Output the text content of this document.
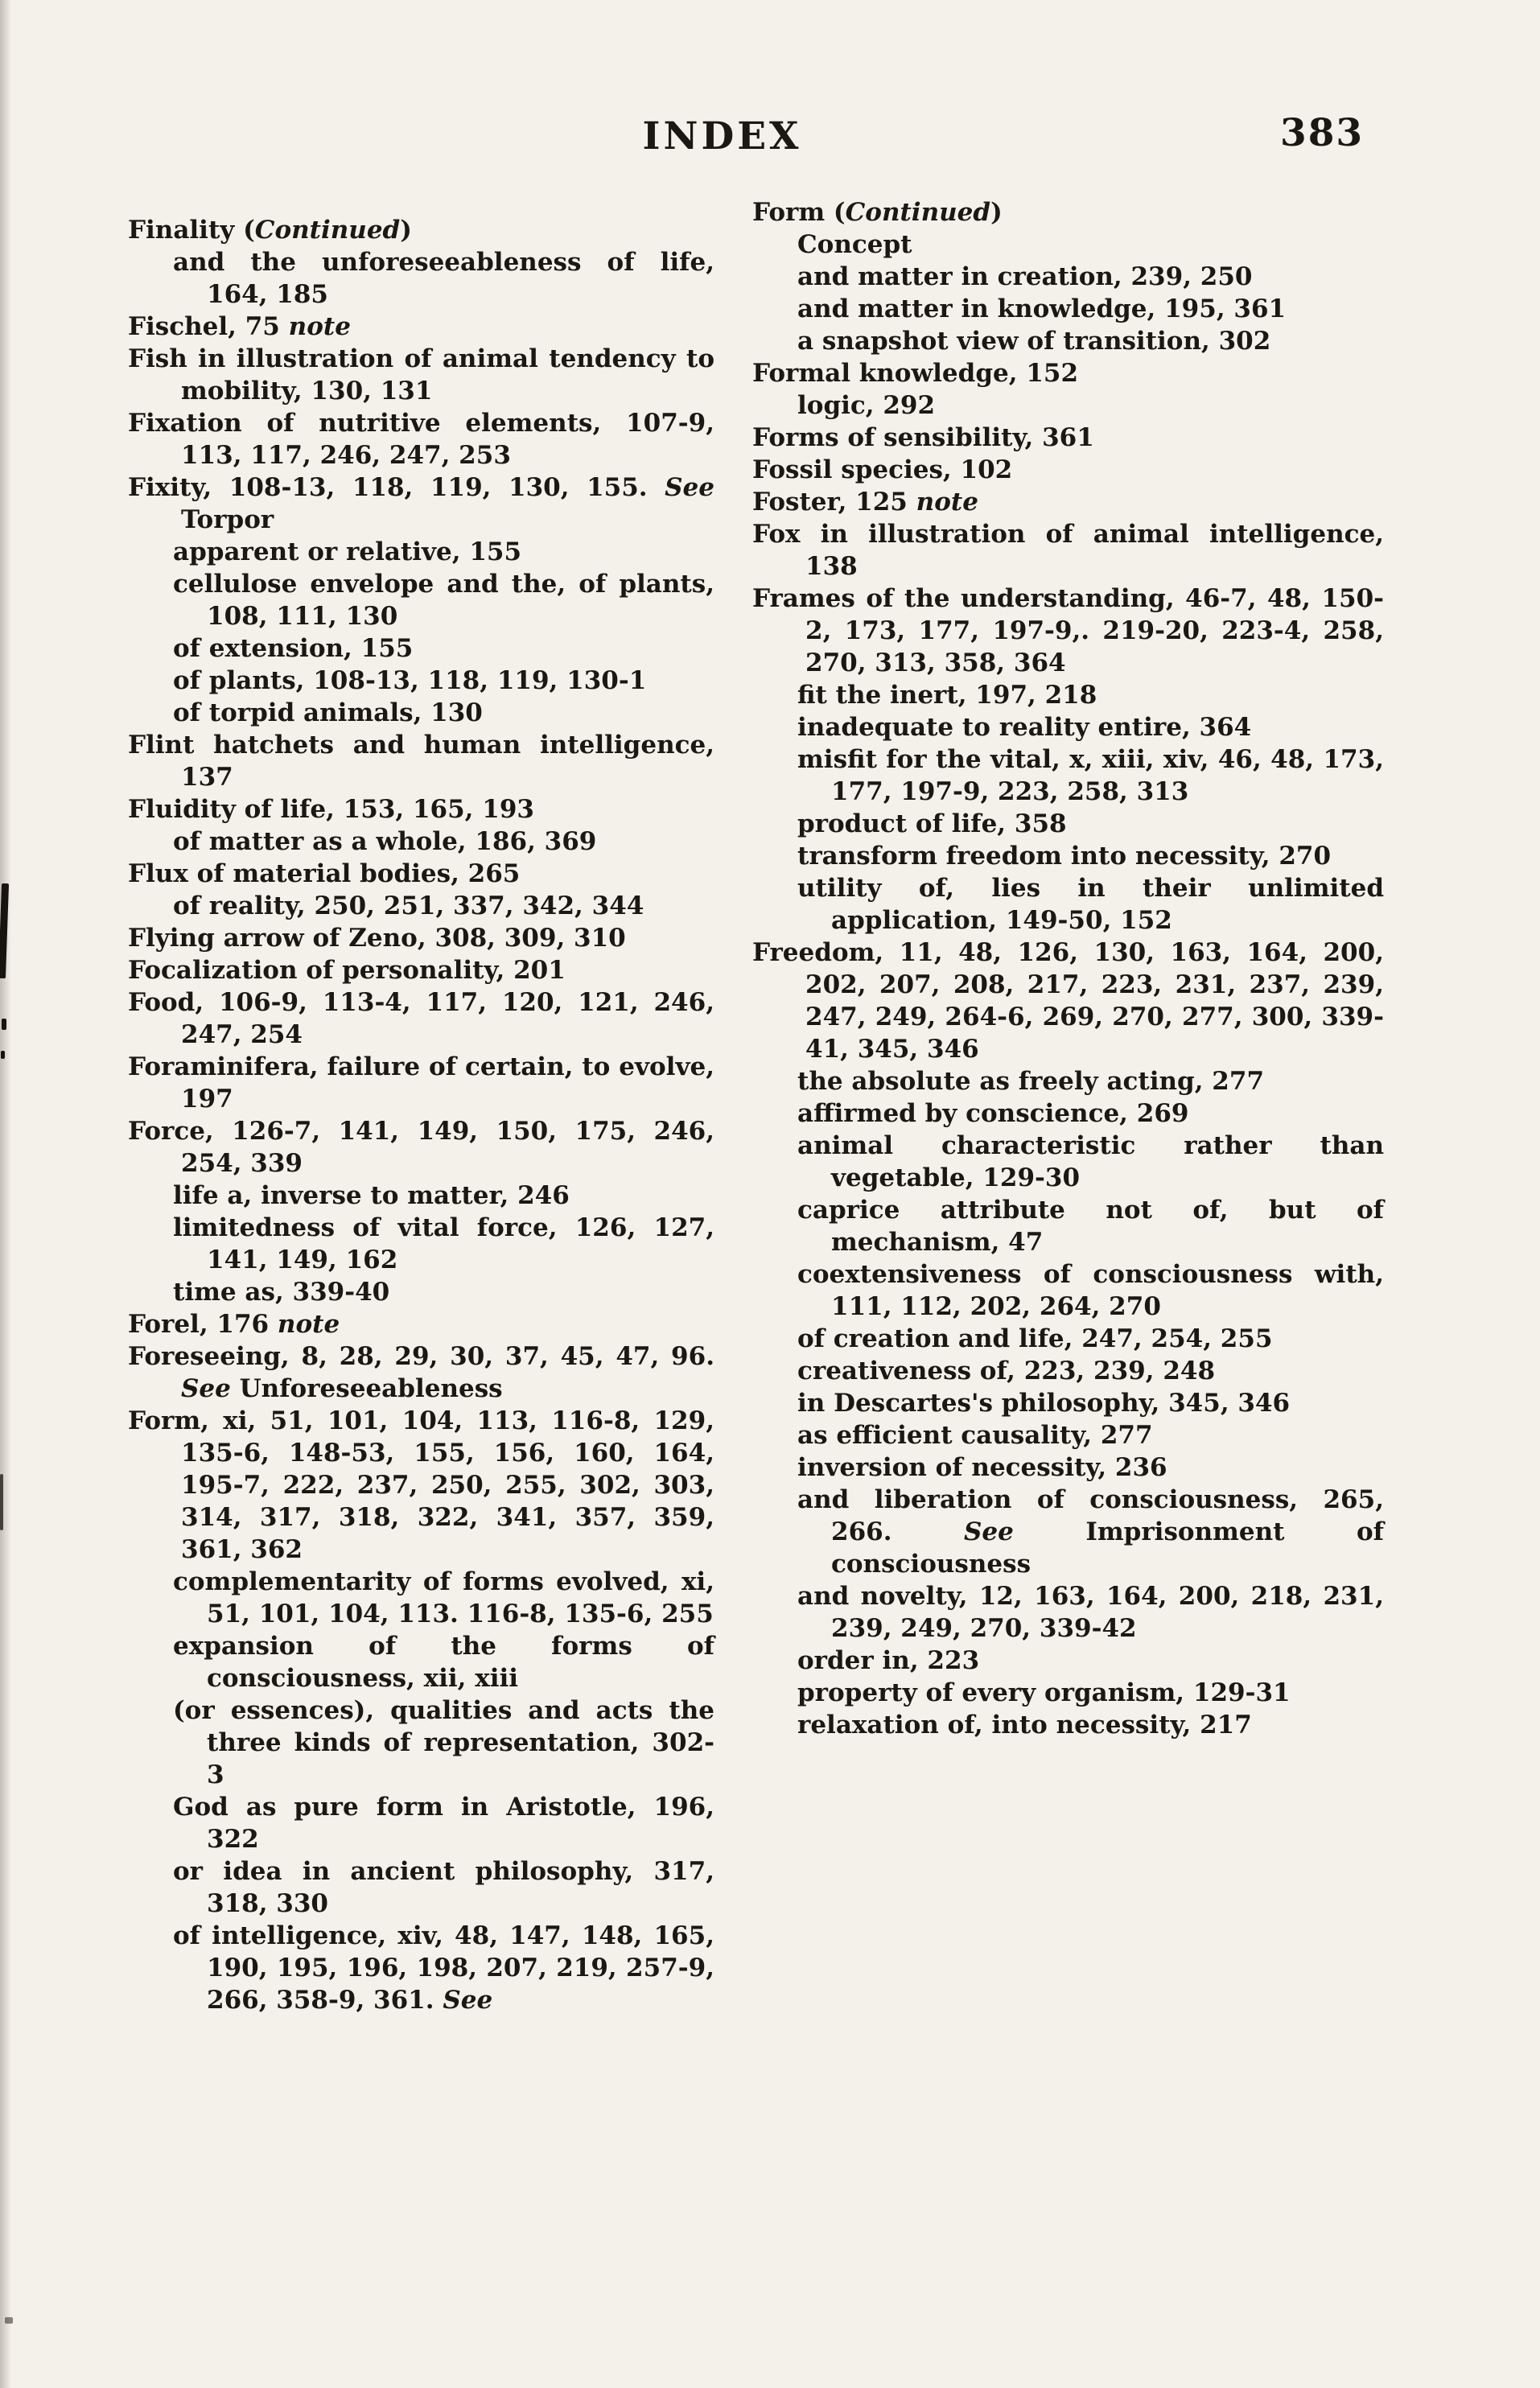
INDEX	383

Finality (Continued)

and the unforeseeableness of life, 164, 185

Fischel, 75 note

Fish in illustration of animal tendency to mobility, 130, 131

Fixation of nutritive elements, 107-9, 113, 117, 246, 247, 253

Fixity, 108-13, 118, 119, 130, 155. See Torpor

apparent or relative, 155

cellulose envelope and the, of plants, 108, 111, 130

of extension, 155

of plants, 108-13, 118, 119, 130-1

of torpid animals, 130

Flint hatchets and human intelligence, 137

Fluidity of life, 153, 165, 193

of matter as a whole, 186, 369

Flux of material bodies, 265

of reality, 250, 251, 337, 342, 344

Flying arrow of Zeno, 308, 309, 310

Focalization of personality, 201

Food, 106-9, 113-4, 117, 120, 121, 246, 247, 254

Foraminifera, failure of certain, to evolve, 197

Force, 126-7, 141, 149, 150, 175, 246, 254, 339

life a, inverse to matter, 246

limitedness of vital force, 126, 127, 141, 149, 162

time as, 339-40

Forel, 176 note

Foreseeing, 8, 28, 29, 30, 37, 45, 47, 96. See Unforeseeableness

Form, xi, 51, 101, 104, 113, 116-8, 129, 135-6, 148-53, 155, 156, 160, 164, 195-7, 222, 237, 250, 255, 302, 303, 314, 317, 318, 322, 341, 357, 359, 361, 362

complementarity of forms evolved, xi, 51, 101, 104, 113. 116-8, 135-6, 255

expansion of the forms of consciousness, xii, xiii

(or essences), qualities and acts the three kinds of representation, 302-3

God as pure form in Aristotle, 196, 322

or idea in ancient philosophy, 317, 318, 330

of intelligence, xiv, 48, 147, 148, 165, 190, 195, 196, 198, 207, 219, 257-9, 266, 358-9, 361. See

Form (Continued)

Concept

and matter in creation, 239, 250

and matter in knowledge, 195, 361

a snapshot view of transition, 302

Formal knowledge, 152

logic, 292

Forms of sensibility, 361

Fossil species, 102

Foster, 125 note

Fox in illustration of animal intelligence, 138

Frames of the understanding, 46-7, 48, 150-2, 173, 177, 197-9,. 219-20, 223-4, 258, 270, 313, 358, 364

fit the inert, 197, 218

inadequate to reality entire, 364

misfit for the vital, x, xiii, xiv, 46, 48, 173, 177, 197-9, 223, 258, 313

product of life, 358

transform freedom into necessity, 270

utility of, lies in their unlimited application, 149-50, 152

Freedom, 11, 48, 126, 130, 163, 164, 200, 202, 207, 208, 217, 223, 231, 237, 239, 247, 249, 264-6, 269, 270, 277, 300, 339-41, 345, 346

the absolute as freely acting, 277

affirmed by conscience, 269

animal characteristic rather than vegetable, 129-30

caprice attribute not of, but of mechanism, 47

coextensiveness of consciousness with, 111, 112, 202, 264, 270

of creation and life, 247, 254, 255

creativeness of, 223, 239, 248

in Descartes's philosophy, 345, 346

as efficient causality, 277

inversion of necessity, 236

and liberation of consciousness, 265, 266. See Imprisonment of consciousness

and novelty, 12, 163, 164, 200, 218, 231, 239, 249, 270, 339-42

order in, 223

property of every organism, 129-31

relaxation of, into necessity, 217
